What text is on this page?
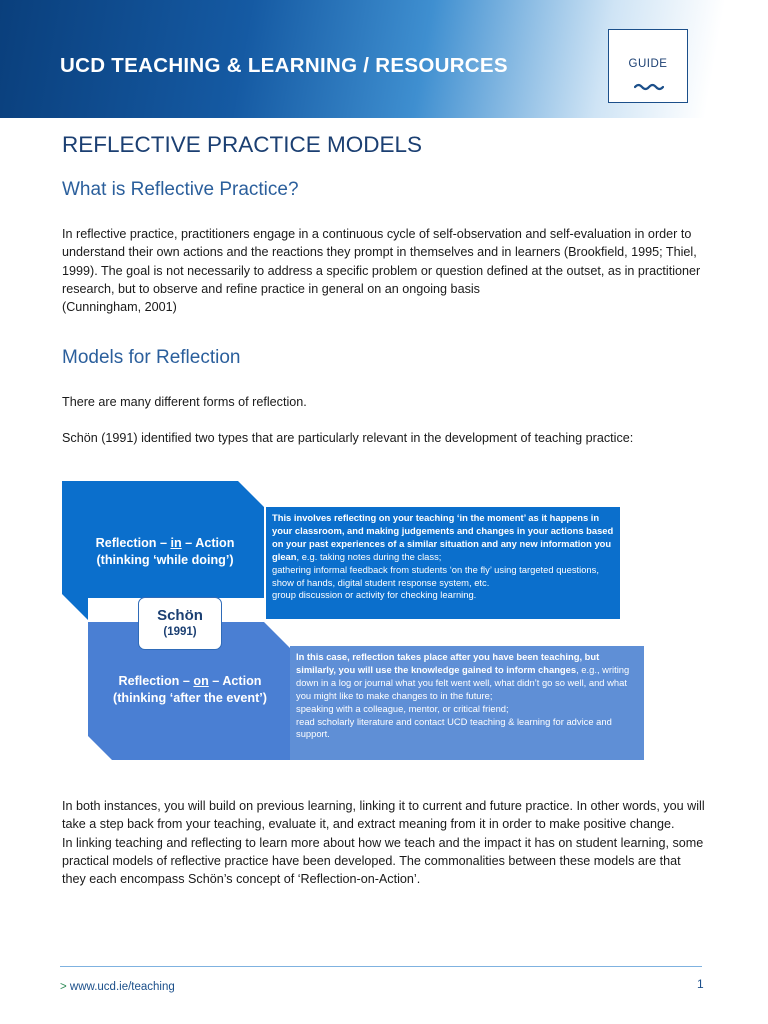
UCD TEACHING & LEARNING / RESOURCES	GUIDE
REFLECTIVE PRACTICE MODELS
What is Reflective Practice?

In reflective practice, practitioners engage in a continuous cycle of self-observation and self-evaluation in order to understand their own actions and the reactions they prompt in themselves and in learners (Brookfield, 1995; Thiel, 1999). The goal is not necessarily to address a specific problem or question defined at the outset, as in practitioner research, but to observe and refine practice in general on an ongoing basis

(Cunningham, 2001)

Models for Reflection

There are many different forms of reflection.

Schön (1991) identified two types that are particularly relevant in the development of teaching practice:

Reflection – in – Action
(thinking ‘while doing’)

This involves reflecting on your teaching ‘in the moment’ as it happens in your classroom, and making judgements and changes in your actions based on your past experiences of a similar situation and any new information you glean, e.g. taking notes during the class;

gathering informal feedback from students ‘on the fly’ using targeted questions, show of hands, digital student response system, etc.

group discussion or activity for checking learning.

Schön
(1991)
Reflection – on – Action
(thinking ‘after the event’)

In this case, reflection takes place after you have been teaching, but similarly, you will use the knowledge gained to inform changes, e.g., writing down in a log or journal what you felt went well, what didn’t go so well, and what you might like to make changes to in the future;

speaking with a colleague, mentor, or critical friend;

read scholarly literature and contact UCD teaching & learning for advice and support.

In both instances, you will build on previous learning, linking it to current and future practice. In other words, you will take a step back from your teaching, evaluate it, and extract meaning from it in order to make positive change.

In linking teaching and reflecting to learn more about how we teach and the impact it has on student learning, some practical models of reflective practice have been developed. The commonalities between these models are that they each encompass Schön’s concept of ‘Reflection-on-Action’.

> www.ucd.ie/teaching	1
